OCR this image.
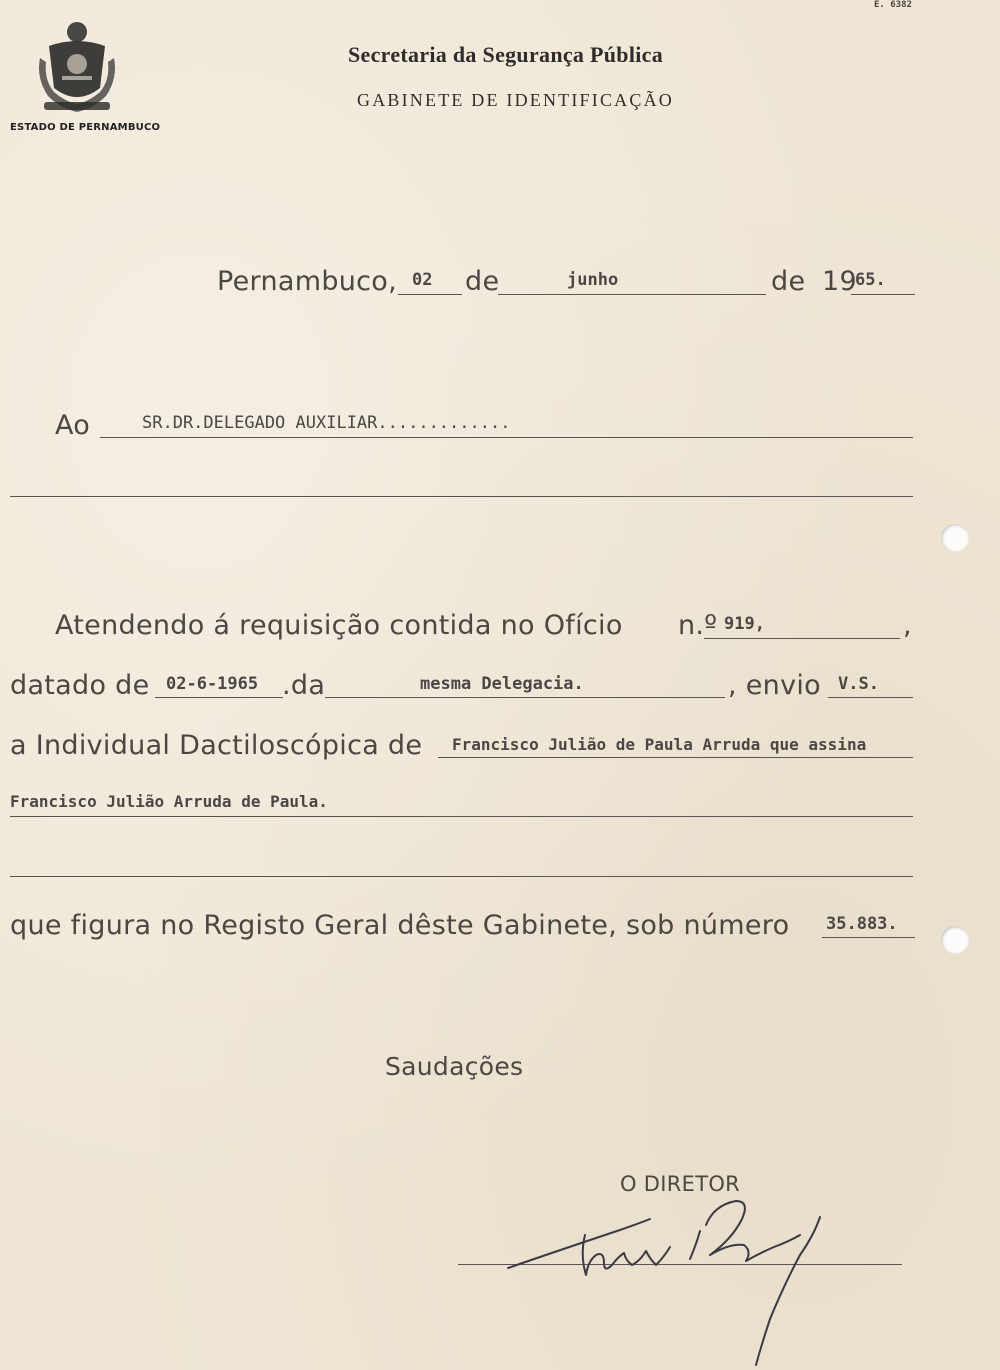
E. 6382
ESTADO DE PERNAMBUCO
Secretaria da Segurança Pública
GABINETE DE IDENTIFICAÇÃO
Pernambuco, 02 de	junho	de 19
65.
Ao	SR.DR.DELEGADO AUXILIAR.............
Atendendo á requisição contida no Ofício n.º 919,	,
datado de 02-6-1965 .da	mesma Delegacia.	, envio V.S.
a Individual Dactiloscópica de Francisco Julião de Paula Arruda que assina
Francisco Julião Arruda de Paula.
que figura no Registo Geral dêste Gabinete, sob número 35.883.
Saudações
O DIRETOR
